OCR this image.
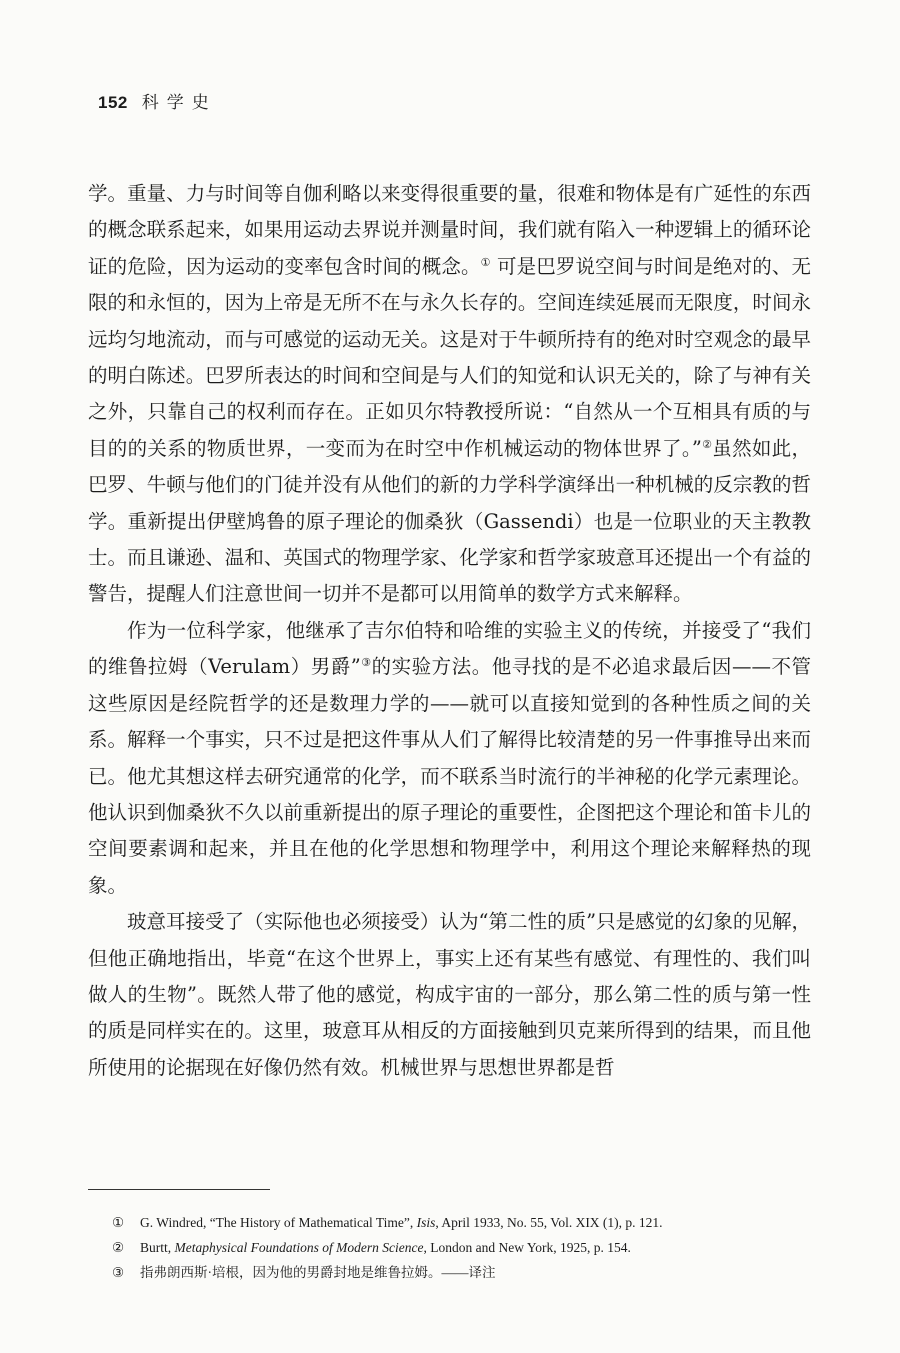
152 科学史

学。重量、力与时间等自伽利略以来变得很重要的量，很难和物体是有广延性的东西的概念联系起来，如果用运动去界说并测量时间，我们就有陷入一种逻辑上的循环论证的危险，因为运动的变率包含时间的概念。① 可是巴罗说空间与时间是绝对的、无限的和永恒的，因为上帝是无所不在与永久长存的。空间连续延展而无限度，时间永远均匀地流动，而与可感觉的运动无关。这是对于牛顿所持有的绝对时空观念的最早的明白陈述。巴罗所表达的时间和空间是与人们的知觉和认识无关的，除了与神有关之外，只靠自己的权利而存在。正如贝尔特教授所说：“自然从一个互相具有质的与目的的关系的物质世界，一变而为在时空中作机械运动的物体世界了。”②虽然如此，巴罗、牛顿与他们的门徒并没有从他们的新的力学科学演绎出一种机械的反宗教的哲学。重新提出伊壁鸠鲁的原子理论的伽桑狄（Gassendi）也是一位职业的天主教教士。而且谦逊、温和、英国式的物理学家、化学家和哲学家玻意耳还提出一个有益的警告，提醒人们注意世间一切并不是都可以用简单的数学方式来解释。

作为一位科学家，他继承了吉尔伯特和哈维的实验主义的传统，并接受了“我们的维鲁拉姆（Verulam）男爵”③的实验方法。他寻找的是不必追求最后因——不管这些原因是经院哲学的还是数理力学的——就可以直接知觉到的各种性质之间的关系。解释一个事实，只不过是把这件事从人们了解得比较清楚的另一件事推导出来而已。他尤其想这样去研究通常的化学，而不联系当时流行的半神秘的化学元素理论。他认识到伽桑狄不久以前重新提出的原子理论的重要性，企图把这个理论和笛卡儿的空间要素调和起来，并且在他的化学思想和物理学中，利用这个理论来解释热的现象。

玻意耳接受了（实际他也必须接受）认为“第二性的质”只是感觉的幻象的见解，但他正确地指出，毕竟“在这个世界上，事实上还有某些有感觉、有理性的、我们叫做人的生物”。既然人带了他的感觉，构成宇宙的一部分，那么第二性的质与第一性的质是同样实在的。这里，玻意耳从相反的方面接触到贝克莱所得到的结果，而且他所使用的论据现在好像仍然有效。机械世界与思想世界都是哲

① G. Windred, “The History of Mathematical Time”, Isis, April 1933, No. 55, Vol. XIX (1), p. 121.
② Burtt, Metaphysical Foundations of Modern Science, London and New York, 1925, p. 154.
③ 指弗朗西斯·培根，因为他的男爵封地是维鲁拉姆。——译注
